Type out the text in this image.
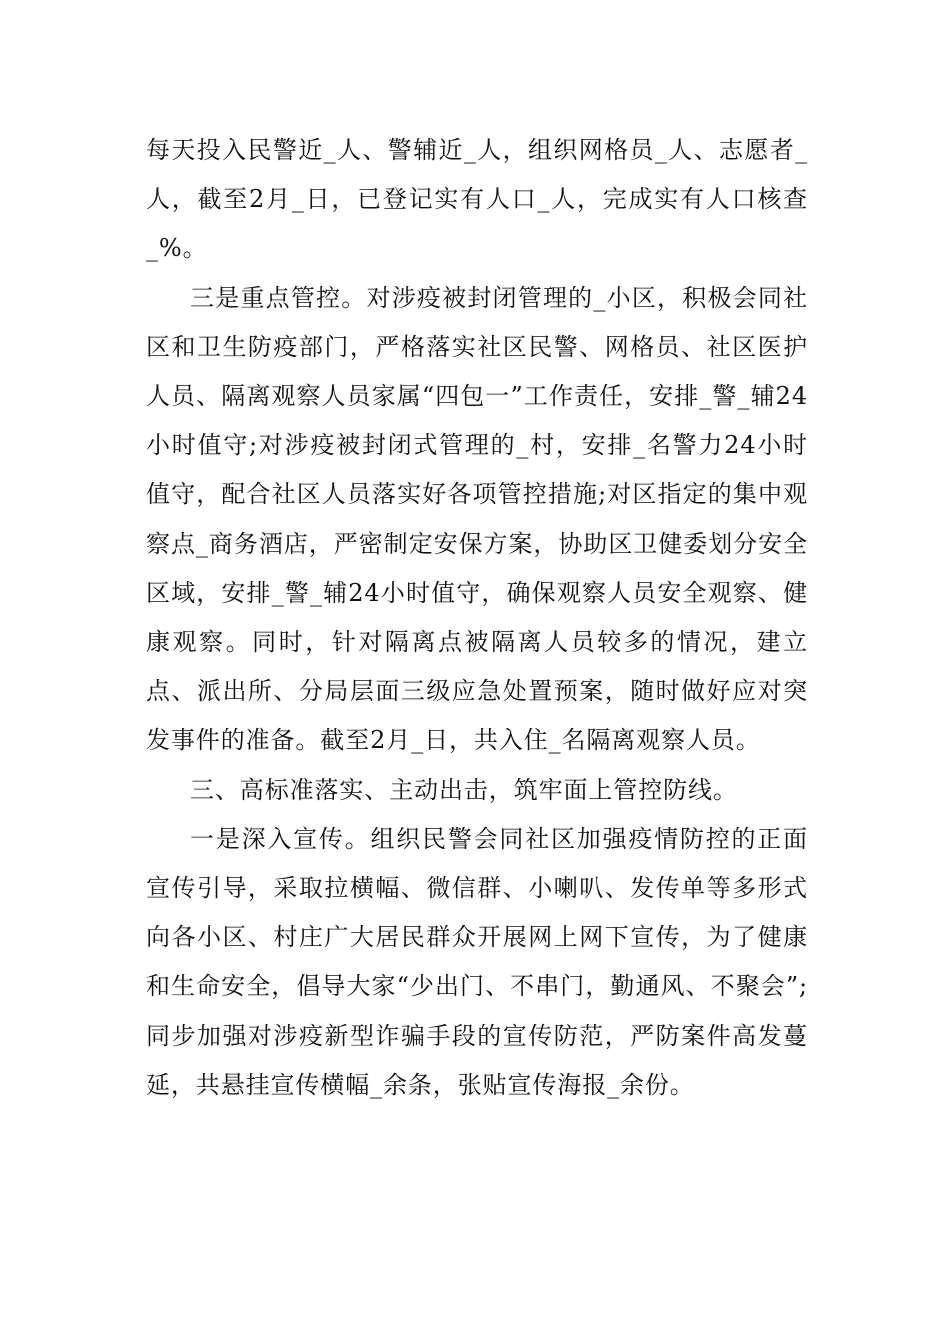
每天投入民警近_人、警辅近_人，组织网格员_人、志愿者_人，截至2月_日，已登记实有人口_人，完成实有人口核查_%。

三是重点管控。对涉疫被封闭管理的_小区，积极会同社区和卫生防疫部门，严格落实社区民警、网格员、社区医护人员、隔离观察人员家属“四包一”工作责任，安排_警_辅24小时值守;对涉疫被封闭式管理的_村，安排_名警力24小时值守，配合社区人员落实好各项管控措施;对区指定的集中观察点_商务酒店，严密制定安保方案，协助区卫健委划分安全区域，安排_警_辅24小时值守，确保观察人员安全观察、健康观察。同时，针对隔离点被隔离人员较多的情况，建立点、派出所、分局层面三级应急处置预案，随时做好应对突发事件的准备。截至2月_日，共入住_名隔离观察人员。

三、高标准落实、主动出击，筑牢面上管控防线。

一是深入宣传。组织民警会同社区加强疫情防控的正面宣传引导，采取拉横幅、微信群、小喇叭、发传单等多形式向各小区、村庄广大居民群众开展网上网下宣传，为了健康和生命安全，倡导大家“少出门、不串门，勤通风、不聚会”;同步加强对涉疫新型诈骗手段的宣传防范，严防案件高发蔓延，共悬挂宣传横幅_余条，张贴宣传海报_余份。
